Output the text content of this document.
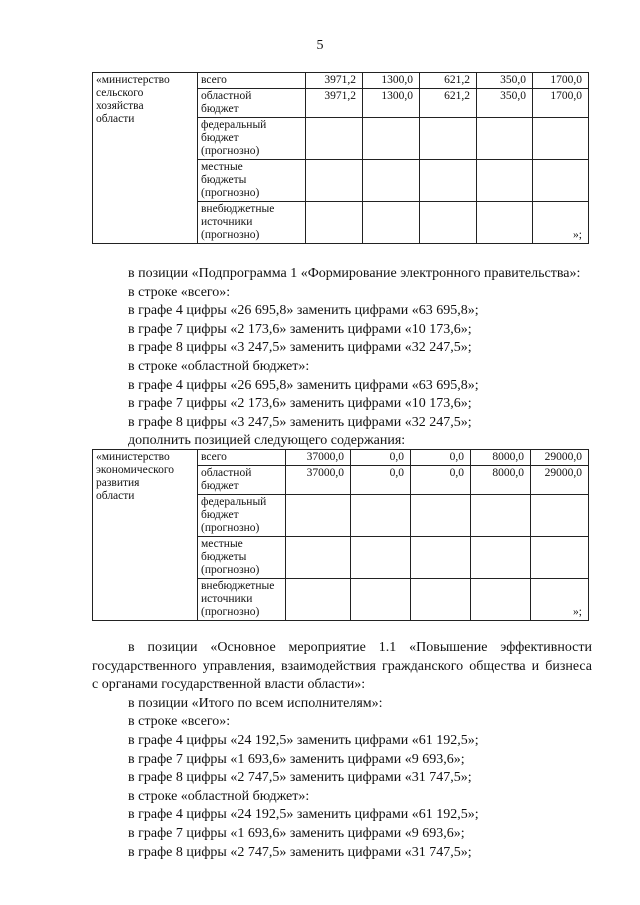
5
«министерство
сельского
хозяйства
области	всего	3971,2	1300,0	621,2	350,0	1700,0

	областной
бюджет	3971,2	1300,0	621,2	350,0	1700,0

	федеральный
бюджет
(прогнозно)					

	местные
бюджеты
(прогнозно)					

	внебюджетные
источники
(прогнозно)					»;

в позиции «Подпрограмма 1 «Формирование электронного правительства»:

в строке «всего»:

в графе 4 цифры «26 695,8» заменить цифрами «63 695,8»;

в графе 7 цифры «2 173,6» заменить цифрами «10 173,6»;

в графе 8 цифры «3 247,5» заменить цифрами «32 247,5»;

в строке «областной бюджет»:

в графе 4 цифры «26 695,8» заменить цифрами «63 695,8»;

в графе 7 цифры «2 173,6» заменить цифрами «10 173,6»;

в графе 8 цифры «3 247,5» заменить цифрами «32 247,5»;

дополнить позицией следующего содержания:

«министерство
экономического
развития
области	всего	37000,0	0,0	0,0	8000,0	29000,0

	областной
бюджет	37000,0	0,0	0,0	8000,0	29000,0

	федеральный
бюджет
(прогнозно)					

	местные
бюджеты
(прогнозно)					

	внебюджетные
источники
(прогнозно)					»;

в позиции «Основное мероприятие 1.1 «Повышение эффективности

государственного управления, взаимодействия гражданского общества и бизнеса

с органами государственной власти области»:

в позиции «Итого по всем исполнителям»:

в строке «всего»:

в графе 4 цифры «24 192,5» заменить цифрами «61 192,5»;

в графе 7 цифры «1 693,6» заменить цифрами «9 693,6»;

в графе 8 цифры «2 747,5» заменить цифрами «31 747,5»;

в строке «областной бюджет»:

в графе 4 цифры «24 192,5» заменить цифрами «61 192,5»;

в графе 7 цифры «1 693,6» заменить цифрами «9 693,6»;

в графе 8 цифры «2 747,5» заменить цифрами «31 747,5»;
